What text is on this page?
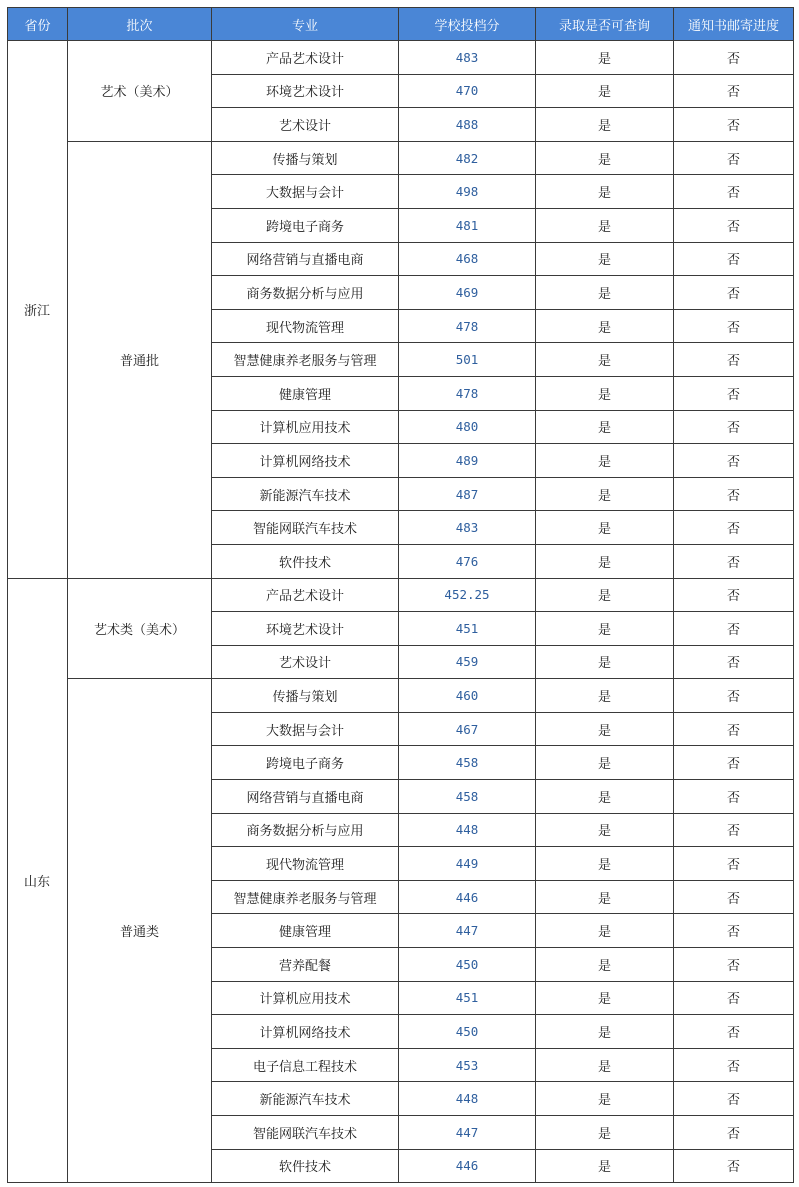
省份	批次	专业	学校投档分	录取是否可查询	通知书邮寄进度
浙江	艺术（美术）	产品艺术设计	483	是	否
		环境艺术设计	470	是	否
		艺术设计	488	是	否
	普通批	传播与策划	482	是	否
		大数据与会计	498	是	否
		跨境电子商务	481	是	否
		网络营销与直播电商	468	是	否
		商务数据分析与应用	469	是	否
		现代物流管理	478	是	否
		智慧健康养老服务与管理	501	是	否
		健康管理	478	是	否
		计算机应用技术	480	是	否
		计算机网络技术	489	是	否
		新能源汽车技术	487	是	否
		智能网联汽车技术	483	是	否
		软件技术	476	是	否
山东	艺术类（美术）	产品艺术设计	452.25	是	否
		环境艺术设计	451	是	否
		艺术设计	459	是	否
	普通类	传播与策划	460	是	否
		大数据与会计	467	是	否
		跨境电子商务	458	是	否
		网络营销与直播电商	458	是	否
		商务数据分析与应用	448	是	否
		现代物流管理	449	是	否
		智慧健康养老服务与管理	446	是	否
		健康管理	447	是	否
		营养配餐	450	是	否
		计算机应用技术	451	是	否
		计算机网络技术	450	是	否
		电子信息工程技术	453	是	否
		新能源汽车技术	448	是	否
		智能网联汽车技术	447	是	否
		软件技术	446	是	否
